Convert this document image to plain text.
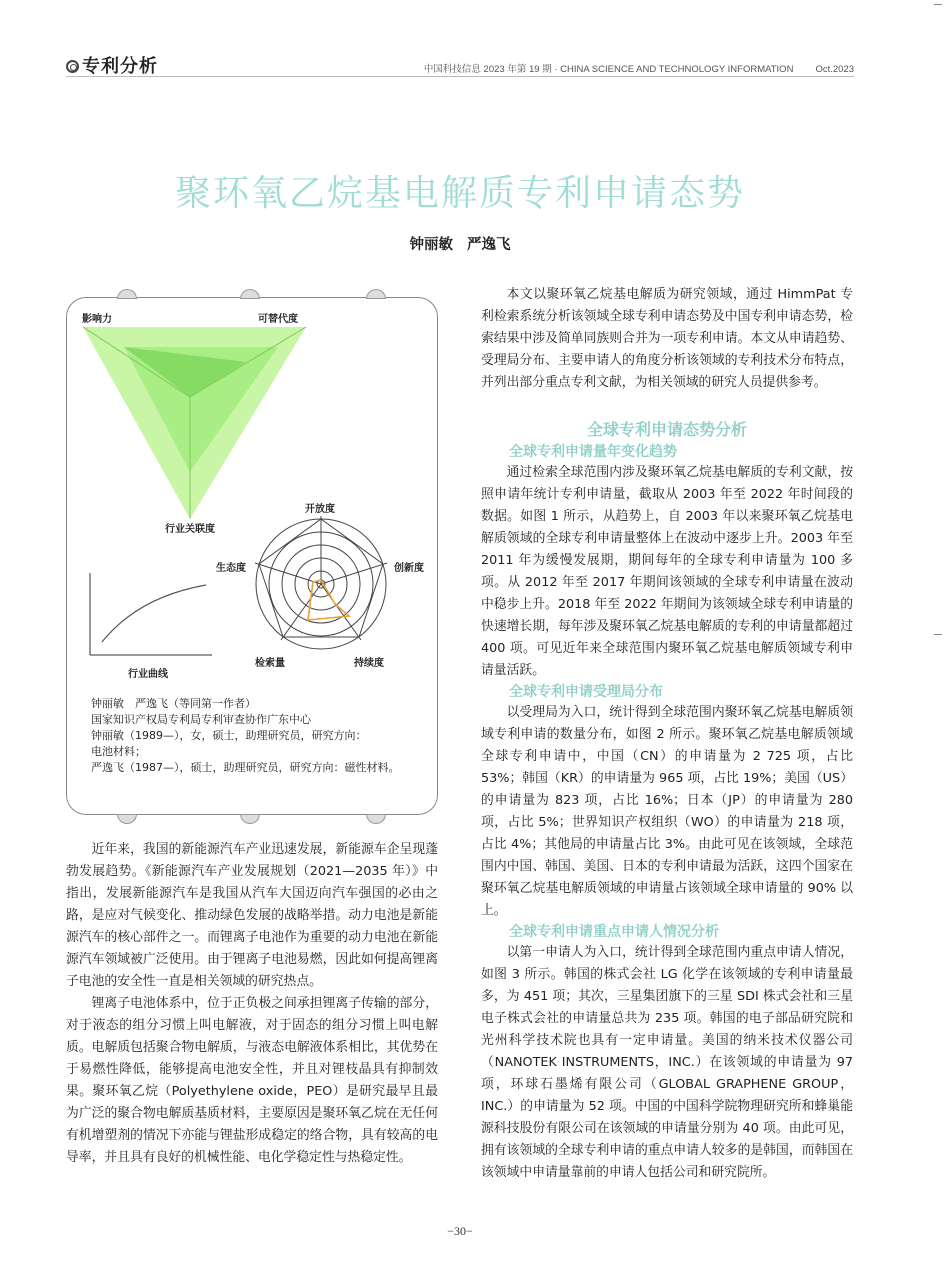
专利分析	中国科技信息 2023 年第 19 期 · CHINA SCIENCE AND TECHNOLOGY INFORMATION Oct.2023
聚环氧乙烷基电解质专利申请态势
钟丽敏 严逸飞
影响力	可替代度
行业关联度
行业曲线
开放度
创新度
持续度
检索量
生态度
钟丽敏　严逸飞（等同第一作者）
国家知识产权局专利局专利审查协作广东中心
钟丽敏（1989—），女，硕士，助理研究员，研究方向：
电池材料；
严逸飞（1987—），硕士，助理研究员，研究方向：磁性材料。

近年来，我国的新能源汽车产业迅速发展，新能源车企呈现蓬勃发展趋势。《新能源汽车产业发展规划（2021—2035 年）》中指出，发展新能源汽车是我国从汽车大国迈向汽车强国的必由之路，是应对气候变化、推动绿色发展的战略举措。动力电池是新能源汽车的核心部件之一。而锂离子电池作为重要的动力电池在新能源汽车领域被广泛使用。由于锂离子电池易燃，因此如何提高锂离子电池的安全性一直是相关领域的研究热点。

锂离子电池体系中，位于正负极之间承担锂离子传输的部分，对于液态的组分习惯上叫电解液，对于固态的组分习惯上叫电解质。电解质包括聚合物电解质，与液态电解液体系相比，其优势在于易燃性降低，能够提高电池安全性，并且对锂枝晶具有抑制效果。聚环氧乙烷（Polyethylene oxide，PEO）是研究最早且最为广泛的聚合物电解质基质材料，主要原因是聚环氧乙烷在无任何有机增塑剂的情况下亦能与锂盐形成稳定的络合物，具有较高的电导率，并且具有良好的机械性能、电化学稳定性与热稳定性。

本文以聚环氧乙烷基电解质为研究领域，通过 HimmPat 专利检索系统分析该领域全球专利申请态势及中国专利申请态势，检索结果中涉及简单同族则合并为一项专利申请。本文从申请趋势、受理局分布、主要申请人的角度分析该领域的专利技术分布特点，并列出部分重点专利文献，为相关领域的研究人员提供参考。

全球专利申请态势分析
全球专利申请量年变化趋势

通过检索全球范围内涉及聚环氧乙烷基电解质的专利文献，按照申请年统计专利申请量，截取从 2003 年至 2022 年时间段的数据。如图 1 所示，从趋势上，自 2003 年以来聚环氧乙烷基电解质领域的全球专利申请量整体上在波动中逐步上升。2003 年至 2011 年为缓慢发展期，期间每年的全球专利申请量为 100 多项。从 2012 年至 2017 年期间该领域的全球专利申请量在波动中稳步上升。2018 年至 2022 年期间为该领域全球专利申请量的快速增长期，每年涉及聚环氧乙烷基电解质的专利的申请量都超过 400 项。可见近年来全球范围内聚环氧乙烷基电解质领域专利申请量活跃。

全球专利申请受理局分布

以受理局为入口，统计得到全球范围内聚环氧乙烷基电解质领域专利申请的数量分布，如图 2 所示。聚环氧乙烷基电解质领域全球专利申请中，中国（CN）的申请量为 2 725 项，占比 53%；韩国（KR）的申请量为 965 项，占比 19%；美国（US）的申请量为 823 项，占比 16%；日本（JP）的申请量为 280 项，占比 5%；世界知识产权组织（WO）的申请量为 218 项，占比 4%；其他局的申请量占比 3%。由此可见在该领域，全球范围内中国、韩国、美国、日本的专利申请最为活跃，这四个国家在聚环氧乙烷基电解质领域的申请量占该领域全球申请量的 90% 以上。

全球专利申请重点申请人情况分析

以第一申请人为入口，统计得到全球范围内重点申请人情况，如图 3 所示。韩国的株式会社 LG 化学在该领域的专利申请量最多，为 451 项；其次，三星集团旗下的三星 SDI 株式会社和三星电子株式会社的申请量总共为 235 项。韩国的电子部品研究院和光州科学技术院也具有一定申请量。美国的纳米技术仪器公司（NANOTEK INSTRUMENTS，INC.）在该领域的申请量为 97 项，环球石墨烯有限公司（GLOBAL GRAPHENE GROUP， INC.）的申请量为 52 项。中国的中国科学院物理研究所和蜂巢能源科技股份有限公司在该领域的申请量分别为 40 项。由此可见，拥有该领域的全球专利申请的重点申请人较多的是韩国，而韩国在该领域中申请量靠前的申请人包括公司和研究院所。

−30−
